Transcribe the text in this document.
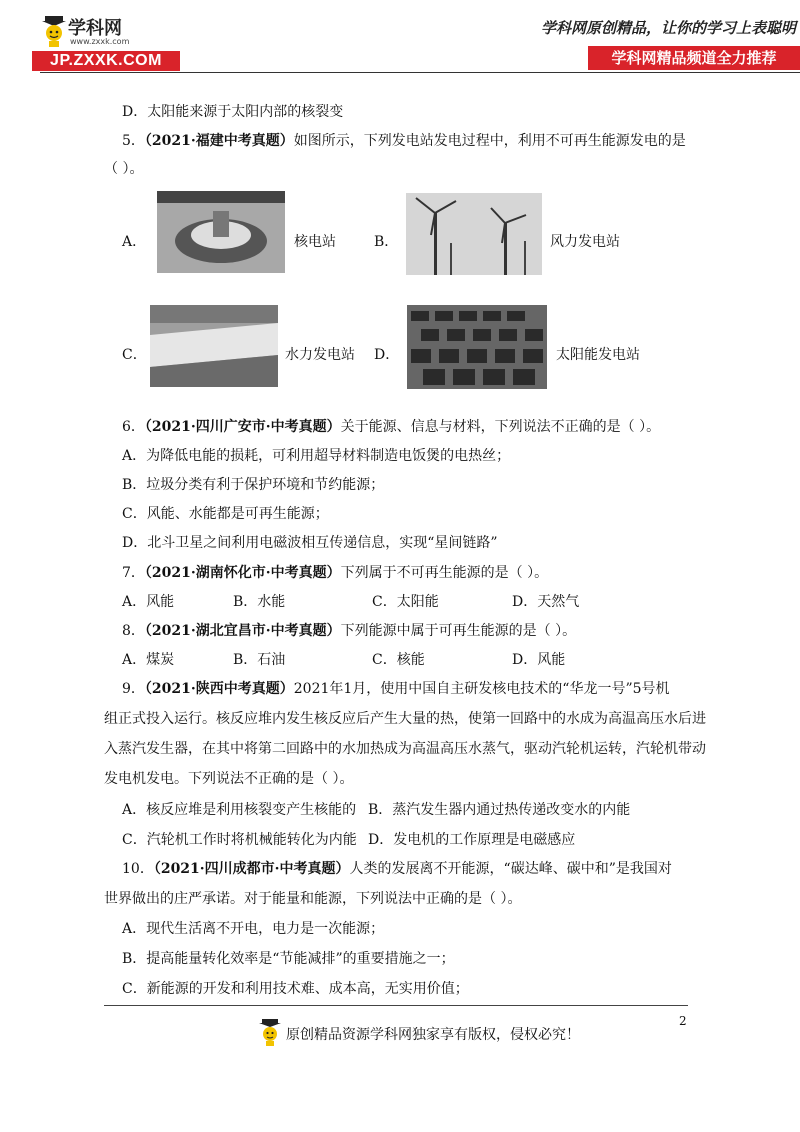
学科网
www.zxxk.com
JP.ZXXK.COM
学科网原创精品，让你的学习上表聪明
学科网精品频道全力推荐
D．太阳能来源于太阳内部的核裂变
5．（2021·福建中考真题）如图所示，下列发电站发电过程中，利用不可再生能源发电的是
（ ）。
A．	核电站	B．	风力发电站
C．	水力发电站 D．	太阳能发电站
6．（2021·四川广安市·中考真题）关于能源、信息与材料，下列说法不正确的是（ ）。
A．为降低电能的损耗，可利用超导材料制造电饭煲的电热丝；
B．垃圾分类有利于保护环境和节约能源；
C．风能、水能都是可再生能源；
D．北斗卫星之间利用电磁波相互传递信息，实现“星间链路”
7．（2021·湖南怀化市·中考真题）下列属于不可再生能源的是（ ）。
A．风能	B．水能	C．太阳能	D．天然气
8．（2021·湖北宜昌市·中考真题）下列能源中属于可再生能源的是（ ）。
A．煤炭	B．石油	C．核能	D．风能
9．（2021·陕西中考真题）2021年1月，使用中国自主研发核电技术的“华龙一号”5号机
组正式投入运行。核反应堆内发生核反应后产生大量的热，使第一回路中的水成为高温高压水后进
入蒸汽发生器，在其中将第二回路中的水加热成为高温高压水蒸气，驱动汽轮机运转，汽轮机带动
发电机发电。下列说法不正确的是（ ）。
A．核反应堆是利用核裂变产生核能的 B．蒸汽发生器内通过热传递改变水的内能
C．汽轮机工作时将机械能转化为内能 D．发电机的工作原理是电磁感应
10．（2021·四川成都市·中考真题）人类的发展离不开能源，“碳达峰、碳中和”是我国对
世界做出的庄严承诺。对于能量和能源，下列说法中正确的是（ ）。
A．现代生活离不开电，电力是一次能源；
B．提高能量转化效率是“节能减排”的重要措施之一；
C．新能源的开发和利用技术难、成本高，无实用价值；
2
原创精品资源学科网独家享有版权，侵权必究！
